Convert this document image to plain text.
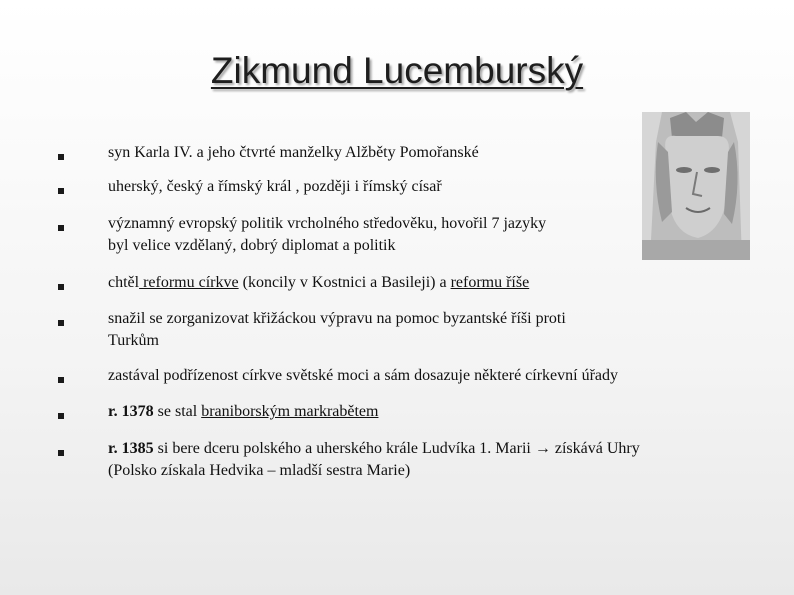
Zikmund Lucemburský
syn Karla IV. a jeho čtvrté manželky Alžběty Pomořanské
uherský, český a římský král , později i římský císař
významný evropský politik vrcholného středověku, hovořil 7 jazyky
byl velice vzdělaný, dobrý diplomat a politik
chtěl reformu církve (koncily v Kostnici a Basileji) a reformu říše
snažil se zorganizovat křižáckou výpravu na pomoc byzantské říši proti
Turkům
zastával podřízenost církve světské moci a sám dosazuje některé církevní úřady
r. 1378 se stal braniborským markrabětem
r. 1385 si bere dceru polského a uherského krále Ludvíka 1. Marii → získává Uhry
(Polsko získala Hedvika – mladší sestra Marie)
